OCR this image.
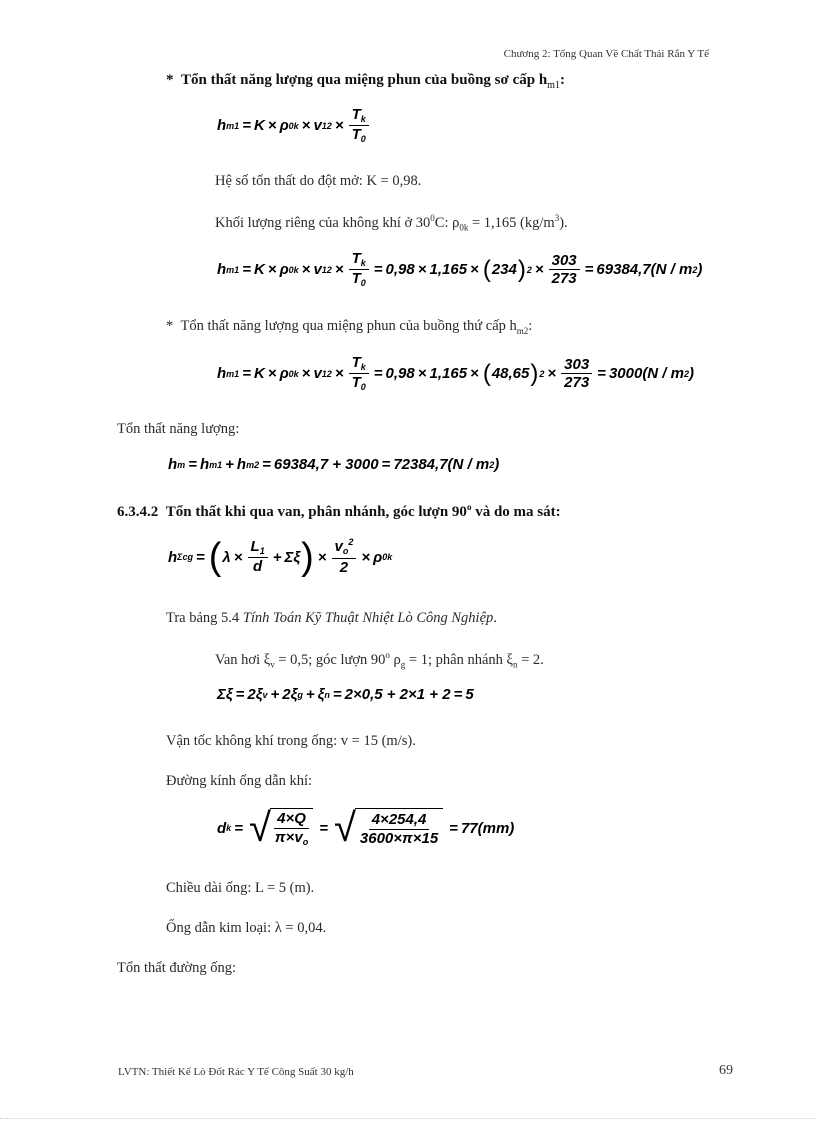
Chương 2: Tổng Quan Về Chất Thải Rắn Y Tế
* Tổn thất năng lượng qua miệng phun của buồng sơ cấp $h_{m1}$:
h m1 = K × ρ 0k × v 1 $2 \times \frac{T_k}{T_0}$
Hệ số tổn thất do đột mở: K = 0,98.
Khối lượng riêng của không khí ở $30^0C$: $\rho_{0k} = 1,165$ $(kg/m^3)$.
h m1 = K × ρ 0k × v 1 $2 \times \frac{T_k}{T_0} = 0,98 \times 1,165$ × ( 234 ) $2 \times \frac{303}{273} = 69384,7$ (N / m 2 )
* Tổn thất năng lượng qua miệng phun của buồng thứ cấp $h_{m2}$:
h m1 = K × ρ 0k × v 1 $2 \times \frac{T_k}{T_0} = 0,98 \times 1,165$ × ( 48,65 ) $2 \times \frac{303}{273} = 3000$ (N / m 2 )
Tổn thất năng lượng:
h m = h m1 + h m2 = 69384,7 + 3000 = 72384,7 (N / m 2 )
6.3.4.2 Tổn thất khi qua van, phân nhánh, góc lượn 90$^o$ và do ma sát:
h Σcg = ( $\lambda \times \frac{L_1}{d} + \Sigma\xi$ ) × $\frac{v_o^2}{2} \times \rho$ 0k
Tra bảng 5.4 Tính Toán Kỹ Thuật Nhiệt Lò Công Nghiệp.
Van hơi $\xi_v = 0,5$; góc lượn 90$^o$ $\rho_g = 1$; phân nhánh $\xi_n = 2$.
Σξ = 2ξ v + 2ξ g + ξ n = 2×0,5 + 2×1 + 2 = 5
Vận tốc không khí trong ống: v = 15 (m/s).
Đường kính ống dẫn khí:
d k = √ $\frac{4\times Q}{\pi\times v_o}$ = √ $\frac{4\times 254,4}{3600\times\pi\times 15} = 77(mm)$
Chiều dài ống: L = 5 (m).
Ống dẫn kim loại: λ = 0,04.
Tổn thất đường ống:
LVTN: Thiết Kế Lò Đốt Rác Y Tế Công Suất 30 kg/h	69
